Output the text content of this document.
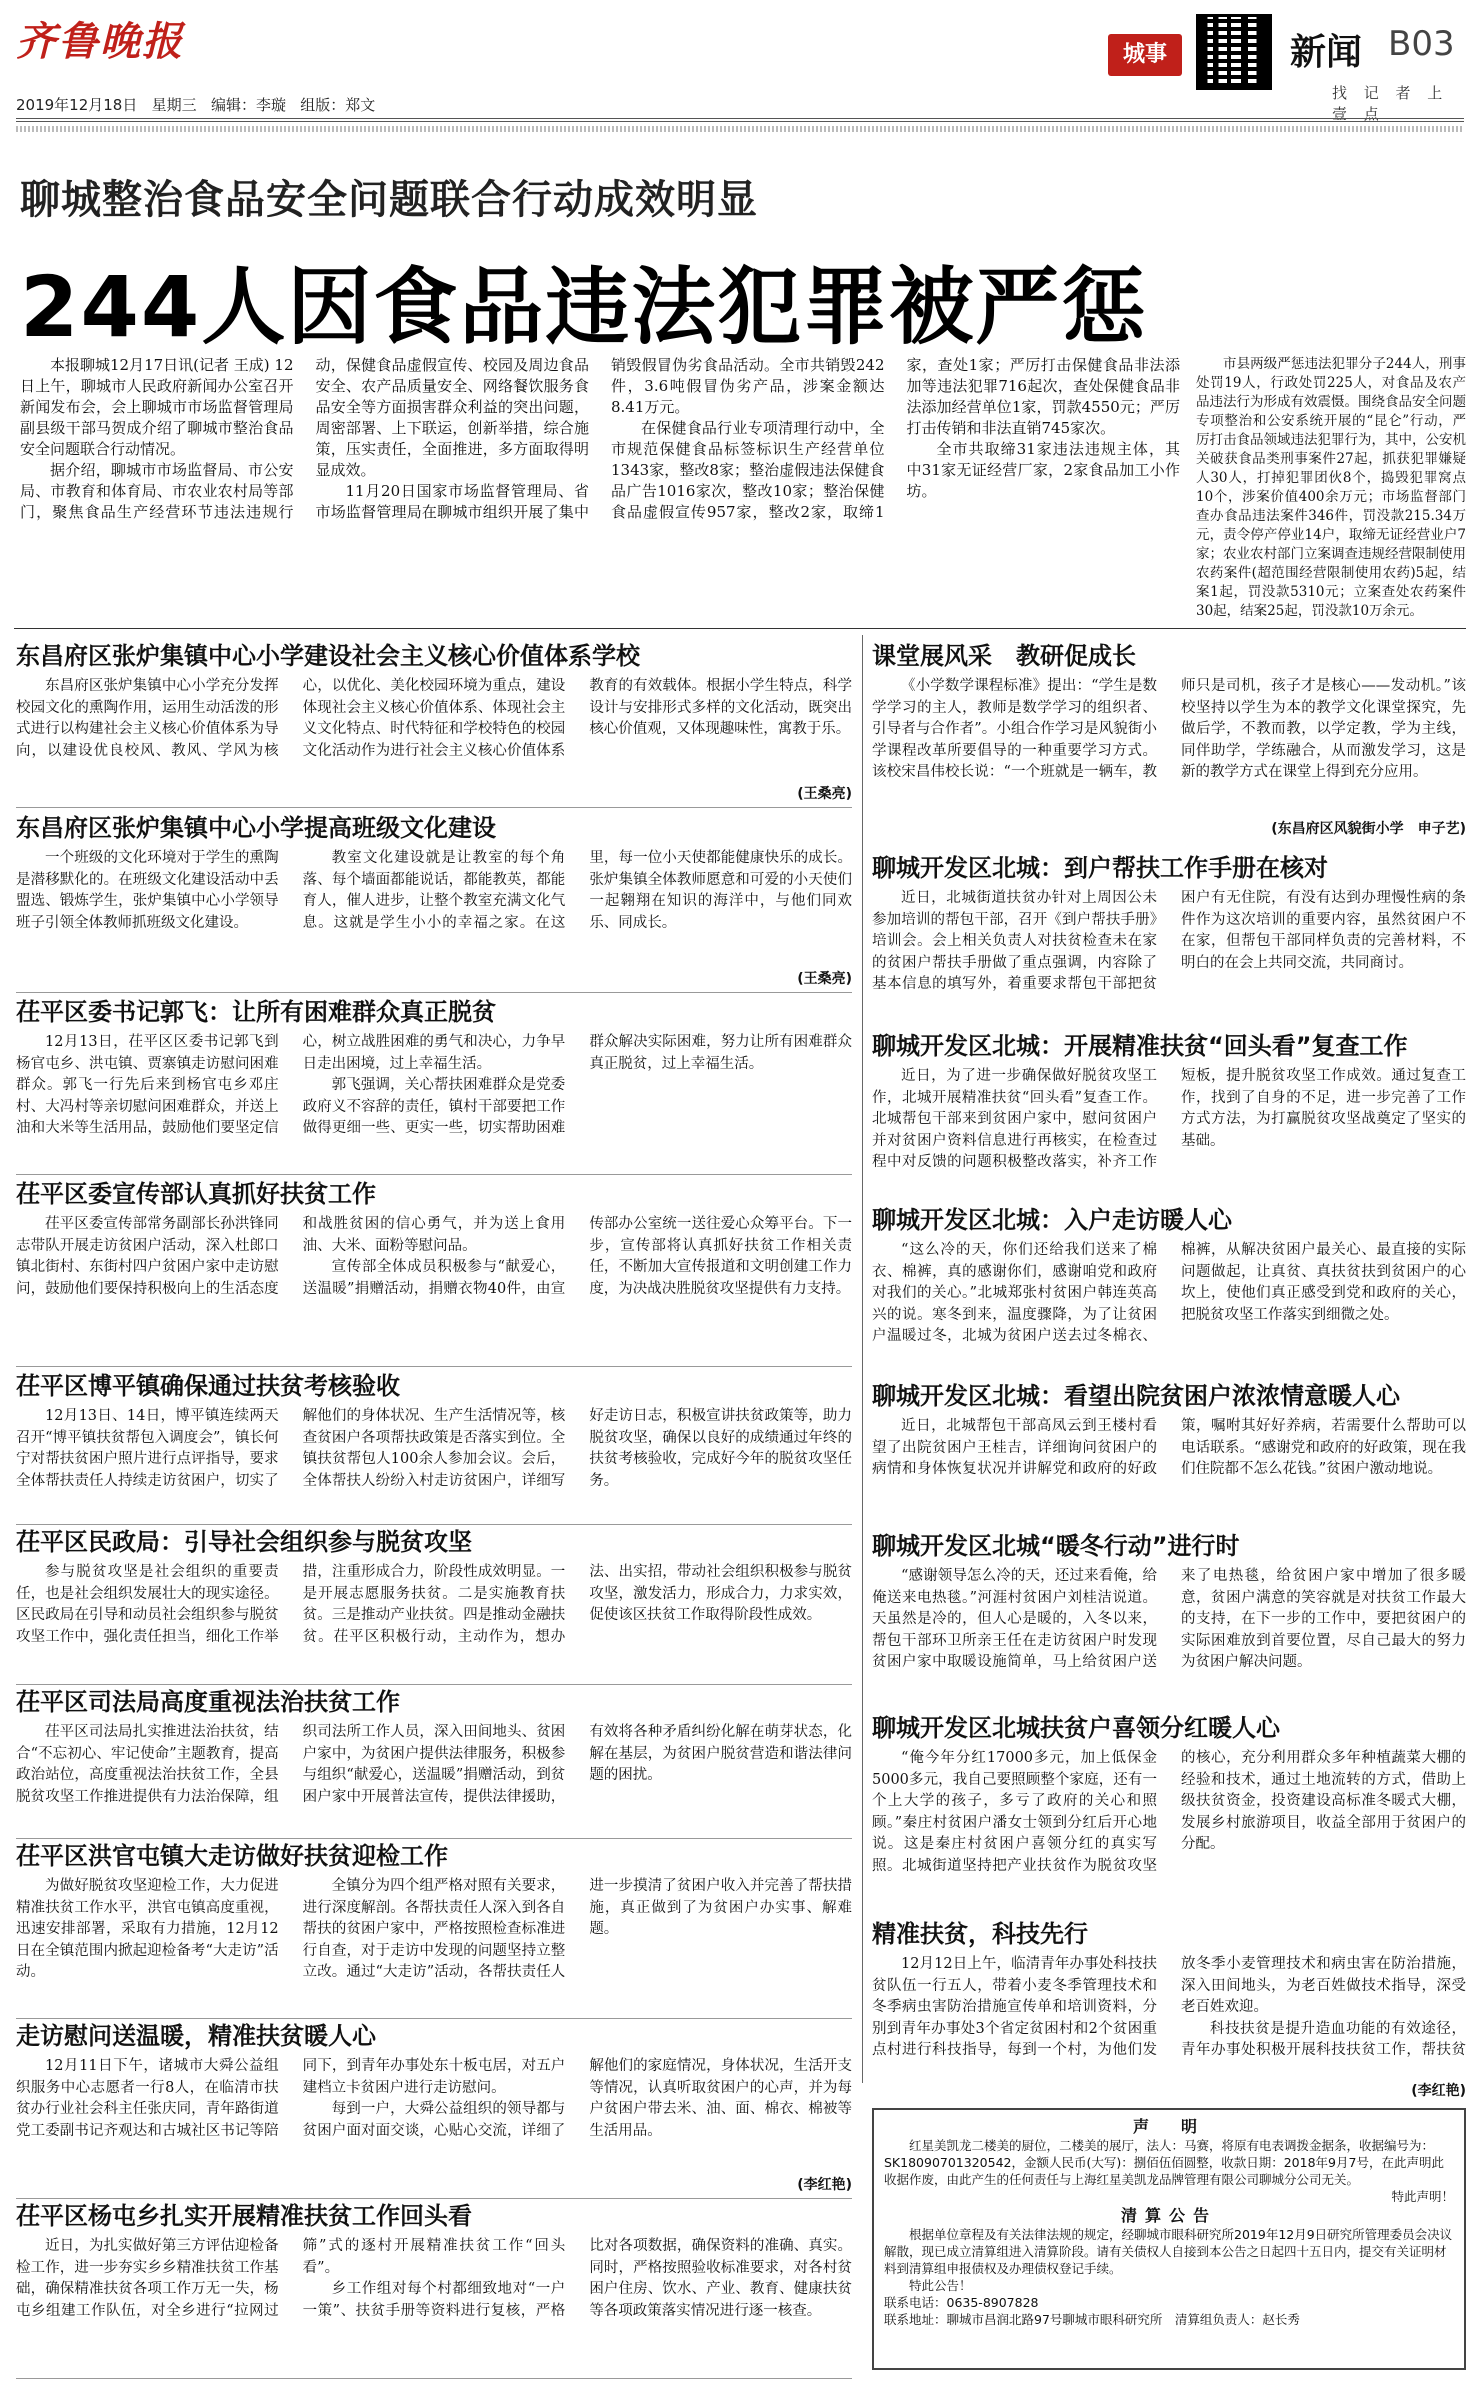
齐鲁晚报
2019年12月18日   星期三   编辑：李璇   组版：郑文
城事	新闻 B03
找 记 者 上 壹 点
聊城整治食品安全问题联合行动成效明显
244人因食品违法犯罪被严惩

本报聊城12月17日讯(记者 王成) 12日上午，聊城市人民政府新闻办公室召开新闻发布会，会上聊城市市场监督管理局副县级干部马贺成介绍了聊城市整治食品安全问题联合行动情况。

据介绍，聊城市市场监督局、市公安局、市教育和体育局、市农业农村局等部门，聚焦食品生产经营环节违法违规行动，保健食品虚假宣传、校园及周边食品安全、农产品质量安全、网络餐饮服务食品安全等方面损害群众利益的突出问题，周密部署、上下联运，创新举措，综合施策，压实责任，全面推进，多方面取得明显成效。

11月20日国家市场监督管理局、省市场监督管理局在聊城市组织开展了集中销毁假冒伪劣食品活动。全市共销毁242件，3.6吨假冒伪劣产品，涉案金额达8.41万元。

在保健食品行业专项清理行动中，全市规范保健食品标签标识生产经营单位1343家，整改8家；整治虚假违法保健食品广告1016家次，整改10家；整治保健食品虚假宣传957家，整改2家，取缔1家，查处1家；严厉打击保健食品非法添加等违法犯罪716起次，查处保健食品非法添加经营单位1家，罚款4550元；严厉打击传销和非法直销745家次。

全市共取缔31家违法违规主体，其中31家无证经营厂家，2家食品加工小作坊。

市县两级严惩违法犯罪分子244人，刑事处罚19人，行政处罚225人，对食品及农产品违法行为形成有效震慑。围绕食品安全问题专项整治和公安系统开展的“昆仑”行动，严厉打击食品领域违法犯罪行为，其中，公安机关破获食品类刑事案件27起，抓获犯罪嫌疑人30人，打掉犯罪团伙8个，捣毁犯罪窝点10个，涉案价值400余万元；市场监督部门查办食品违法案件346件，罚没款215.34万元，责令停产停业14户，取缔无证经营业户7家；农业农村部门立案调查违规经营限制使用农药案件(超范围经营限制使用农药)5起，结案1起，罚没款5310元；立案查处农药案件30起，结案25起，罚没款10万余元。

声　明

红星美凯龙二楼美的厨位，二楼美的展厅，法人：马赛，将原有电表调拨金据条，收据编号为：SK18090701320542，金额人民币(大写)：捌佰伍佰圆整，收款日期：2018年9月7号，在此声明此收据作废，由此产生的任何责任与上海红星美凯龙品牌管理有限公司聊城分公司无关。

特此声明！
清算公告

根据单位章程及有关法律法规的规定，经聊城市眼科研究所2019年12月9日研究所管理委员会决议解散，现已成立清算组进入清算阶段。请有关债权人自接到本公告之日起四十五日内，提交有关证明材料到清算组申报债权及办理债权登记手续。

特此公告！
联系电话：0635-8907828
联系地址：聊城市昌润北路97号聊城市眼科研究所　清算组负责人：赵长秀
东昌府区张炉集镇中心小学建设社会主义核心价值体系学校

东昌府区张炉集镇中心小学充分发挥校园文化的熏陶作用，运用生动活泼的形式进行以构建社会主义核心价值体系为导向，以建设优良校风、教风、学风为核心，以优化、美化校园环境为重点，建设体现社会主义核心价值体系、体现社会主义文化特点、时代特征和学校特色的校园文化活动作为进行社会主义核心价值体系教育的有效载体。根据小学生特点，科学设计与安排形式多样的文化活动，既突出核心价值观，又体现趣味性，寓教于乐。

(王桑亮)
东昌府区张炉集镇中心小学提高班级文化建设

一个班级的文化环境对于学生的熏陶是潜移默化的。在班级文化建设活动中丢盟选、锻炼学生，张炉集镇中心小学领导班子引领全体教师抓班级文化建设。

教室文化建设就是让教室的每个角落、每个墙面都能说话，都能教英，都能育人，催人进步，让整个教室充满文化气息。这就是学生小小的幸福之家。在这里，每一位小天使都能健康快乐的成长。张炉集镇全体教师愿意和可爱的小天使们一起翱翔在知识的海洋中，与他们同欢乐、同成长。

(王桑亮)
茌平区委书记郭飞：让所有困难群众真正脱贫

12月13日，茌平区区委书记郭飞到杨官屯乡、洪屯镇、贾寨镇走访慰问困难群众。郭飞一行先后来到杨官屯乡邓庄村、大冯村等亲切慰问困难群众，并送上油和大米等生活用品，鼓励他们要坚定信心，树立战胜困难的勇气和决心，力争早日走出困境，过上幸福生活。

郭飞强调，关心帮扶困难群众是党委政府义不容辞的责任，镇村干部要把工作做得更细一些、更实一些，切实帮助困难群众解决实际困难，努力让所有困难群众真正脱贫，过上幸福生活。

茌平区委宣传部认真抓好扶贫工作

茌平区委宣传部常务副部长孙洪锋同志带队开展走访贫困户活动，深入杜郎口镇北街村、东街村四户贫困户家中走访慰问，鼓励他们要保持积极向上的生活态度和战胜贫困的信心勇气，并为送上食用油、大米、面粉等慰问品。

宣传部全体成员积极参与“献爱心，送温暖”捐赠活动，捐赠衣物40件，由宣传部办公室统一送往爱心众筹平台。下一步，宣传部将认真抓好扶贫工作相关责任，不断加大宣传报道和文明创建工作力度，为决战决胜脱贫攻坚提供有力支持。

茌平区博平镇确保通过扶贫考核验收

12月13日、14日，博平镇连续两天召开“博平镇扶贫帮包入调度会”，镇长何宁对帮扶贫困户照片进行点评指导，要求全体帮扶责任人持续走访贫困户，切实了解他们的身体状况、生产生活情况等，核查贫困户各项帮扶政策是否落实到位。全镇扶贫帮包人100余人参加会议。会后，全体帮扶人纷纷入村走访贫困户，详细写好走访日志，积极宣讲扶贫政策等，助力脱贫攻坚，确保以良好的成绩通过年终的扶贫考核验收，完成好今年的脱贫攻坚任务。

茌平区民政局：引导社会组织参与脱贫攻坚

参与脱贫攻坚是社会组织的重要责任，也是社会组织发展壮大的现实途径。区民政局在引导和动员社会组织参与脱贫攻坚工作中，强化责任担当，细化工作举措，注重形成合力，阶段性成效明显。一是开展志愿服务扶贫。二是实施教育扶贫。三是推动产业扶贫。四是推动金融扶贫。茌平区积极行动，主动作为，想办法、出实招，带动社会组织积极参与脱贫攻坚，激发活力，形成合力，力求实效，促使该区扶贫工作取得阶段性成效。

茌平区司法局高度重视法治扶贫工作

茌平区司法局扎实推进法治扶贫，结合“不忘初心、牢记使命”主题教育，提高政治站位，高度重视法治扶贫工作，全县脱贫攻坚工作推进提供有力法治保障，组织司法所工作人员，深入田间地头、贫困户家中，为贫困户提供法律服务，积极参与组织“献爱心，送温暖”捐赠活动，到贫困户家中开展普法宣传，提供法律援助，有效将各种矛盾纠纷化解在萌芽状态，化解在基层，为贫困户脱贫营造和谐法律问题的困扰。

茌平区洪官屯镇大走访做好扶贫迎检工作

为做好脱贫攻坚迎检工作，大力促进精准扶贫工作水平，洪官屯镇高度重视，迅速安排部署，采取有力措施，12月12日在全镇范围内掀起迎检备考“大走访”活动。

全镇分为四个组严格对照有关要求，进行深度解剖。各帮扶责任人深入到各自帮扶的贫困户家中，严格按照检查标准进行自查，对于走访中发现的问题坚持立整立改。通过“大走访”活动，各帮扶责任人进一步摸清了贫困户收入并完善了帮扶措施，真正做到了为贫困户办实事、解难题。

走访慰问送温暖，精准扶贫暖人心

12月11日下午，诸城市大舜公益组织服务中心志愿者一行8人，在临清市扶贫办行业社会科主任张庆同，青年路街道党工委副书记齐观达和古城社区书记等陪同下，到青年办事处东十板屯居，对五户建档立卡贫困户进行走访慰问。

每到一户，大舜公益组织的领导都与贫困户面对面交谈，心贴心交流，详细了解他们的家庭情况，身体状况，生活开支等情况，认真听取贫困户的心声，并为每户贫困户带去米、油、面、棉衣、棉被等生活用品。

(李红艳)
茌平区杨屯乡扎实开展精准扶贫工作回头看

近日，为扎实做好第三方评估迎检备检工作，进一步夯实乡乡精准扶贫工作基础，确保精准扶贫各项工作万无一失，杨屯乡组建工作队伍，对全乡进行“拉网过筛”式的逐村开展精准扶贫工作“回头看”。

乡工作组对每个村都细致地对“一户一策”、扶贫手册等资料进行复核，严格比对各项数据，确保资料的准确、真实。同时，严格按照验收标准要求，对各村贫困户住房、饮水、产业、教育、健康扶贫等各项政策落实情况进行逐一核查。

课堂展风采　教研促成长

《小学数学课程标准》提出：“学生是数学学习的主人，教师是数学学习的组织者、引导者与合作者”。小组合作学习是风貌街小学课程改革所要倡导的一种重要学习方式。该校宋昌伟校长说：“一个班就是一辆车，教师只是司机，孩子才是核心——发动机。”该校坚持以学生为本的教学文化课堂探究，先做后学，不教而教，以学定教，学为主线，同伴助学，学练融合，从而激发学习，这是新的教学方式在课堂上得到充分应用。

(东昌府区风貌街小学　申子艺)
聊城开发区北城：到户帮扶工作手册在核对

近日，北城街道扶贫办针对上周因公未参加培训的帮包干部，召开《到户帮扶手册》培训会。会上相关负责人对扶贫检查未在家的贫困户帮扶手册做了重点强调，内容除了基本信息的填写外，着重要求帮包干部把贫困户有无住院，有没有达到办理慢性病的条件作为这次培训的重要内容，虽然贫困户不在家，但帮包干部同样负责的完善材料，不明白的在会上共同交流，共同商讨。

聊城开发区北城：开展精准扶贫“回头看”复查工作

近日，为了进一步确保做好脱贫攻坚工作，北城开展精准扶贫“回头看”复查工作。北城帮包干部来到贫困户家中，慰问贫困户并对贫困户资料信息进行再核实，在检查过程中对反馈的问题积极整改落实，补齐工作短板，提升脱贫攻坚工作成效。通过复查工作，找到了自身的不足，进一步完善了工作方式方法，为打赢脱贫攻坚战奠定了坚实的基础。

聊城开发区北城：入户走访暖人心

“这么冷的天，你们还给我们送来了棉衣、棉裤，真的感谢你们，感谢咱党和政府对我们的关心。”北城郑张村贫困户韩连英高兴的说。寒冬到来，温度骤降，为了让贫困户温暖过冬，北城为贫困户送去过冬棉衣、棉裤，从解决贫困户最关心、最直接的实际问题做起，让真贫、真扶贫扶到贫困户的心坎上，使他们真正感受到党和政府的关心，把脱贫攻坚工作落实到细微之处。

聊城开发区北城：看望出院贫困户浓浓情意暖人心

近日，北城帮包干部高凤云到王楼村看望了出院贫困户王桂吉，详细询问贫困户的病情和身体恢复状况并讲解党和政府的好政策，嘱咐其好好养病，若需要什么帮助可以电话联系。“感谢党和政府的好政策，现在我们住院都不怎么花钱。”贫困户激动地说。

聊城开发区北城“暖冬行动”进行时

“感谢领导怎么冷的天，还过来看俺，给俺送来电热毯。”河涯村贫困户刘桂洁说道。天虽然是冷的，但人心是暖的，入冬以来，帮包干部环卫所亲王任在走访贫困户时发现贫困户家中取暖设施简单，马上给贫困户送来了电热毯，给贫困户家中增加了很多暖意，贫困户满意的笑容就是对扶贫工作最大的支持，在下一步的工作中，要把贫困户的实际困难放到首要位置，尽自己最大的努力为贫困户解决问题。

聊城开发区北城扶贫户喜领分红暖人心

“俺今年分红17000多元，加上低保金5000多元，我自己要照顾整个家庭，还有一个上大学的孩子，多亏了政府的关心和照顾。”秦庄村贫困户潘女士领到分红后开心地说。这是秦庄村贫困户喜领分红的真实写照。北城街道坚持把产业扶贫作为脱贫攻坚的核心，充分利用群众多年种植蔬菜大棚的经验和技术，通过土地流转的方式，借助上级扶贫资金，投资建设高标准冬暖式大棚，发展乡村旅游项目，收益全部用于贫困户的分配。

精准扶贫，科技先行

12月12日上午，临清青年办事处科技扶贫队伍一行五人，带着小麦冬季管理技术和冬季病虫害防治措施宣传单和培训资料，分别到青年办事处3个省定贫困村和2个贫困重点村进行科技指导，每到一个村，为他们发放冬季小麦管理技术和病虫害在防治措施，深入田间地头，为老百姓做技术指导，深受老百姓欢迎。

科技扶贫是提升造血功能的有效途径，青年办事处积极开展科技扶贫工作，帮扶贫

(李红艳)
